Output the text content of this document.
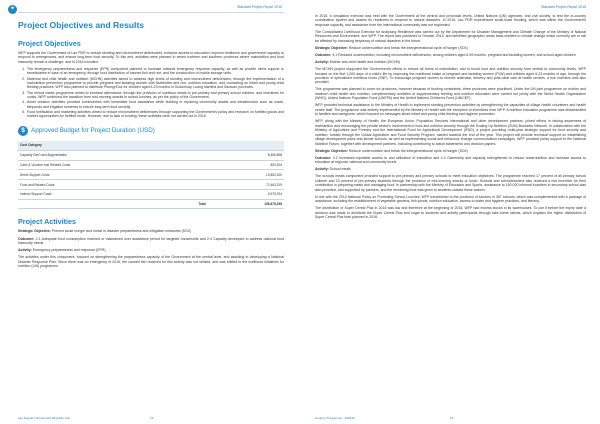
✦	Standard Project Report 2016
Project Objectives and Results
Project Objectives

WFP supports the Government of Lao PDR to reduce stunting and micronutrient deficiencies, enhance access to education, improve resilience and government capacity to respond to emergencies, and ensure long-term food security. To this end, activities were planned in seven northern and southern provinces where malnutrition and food insecurity remain a challenge, and in 2016 included:

1. The emergency preparedness and response (EPR) component planned to increase national emergency response capacity, as well as provide direct support to beneficiaries in case of an emergency, through food distribution of canned fish and rice, and the construction of mobile storage units.
2. Maternal and child health and nutrition (MCHN) activities aimed to address high levels of stunting and micronutrient deficiencies, through the implementation of a malnutrition prevention programme to provide pregnant and lactating women with Nutributter and rice, nutrition education, and counseling on infant and young child feeding practices. WFP also planned to distribute Plumpy'Doz for children aged 6-23 months in Oudomxay, Luang Namtha and Saravan provinces.
3. The school meals programme aimed to increase attendance, through the provision of nutritious meals to pre-primary and primary school children, and incentives for cooks. WFP continued the transition from mid-morning snacks to school lunches, as per the policy of the Government.
4. Asset creation activities provided communities with immediate food assistance while building or repairing community assets and infrastructure such as roads, fishponds and irrigation schemes to ensure long-term food security.
5. Food fortification and marketing activities aimed to reduce micronutrient deficiencies through supporting the Government's policy and research on fortified goods and market opportunities for fortified foods. However, due to lack of funding, these activities were not carried out in 2016.
$ Approved Budget for Project Duration (USD)
Cost Category	
Capacity Dev't and Augmentation	8,486,858
Cash & Voucher and Related Costs	893,304
Direct Support Costs	19,852,520
Food and Related Costs	72,463,319
Indirect Support Costs	6,979,294
Total	108,675,295
Project Activities

Strategic Objective: Prevent acute hunger and invest in disaster preparedness and mitigation measures (SO2)

Outcome: 2.1 Adequate food consumption reached or maintained over assistance period for targeted households and 2.4 Capacity developed to address national food insecurity needs

Activity: Emergency preparedness and response (EPR)

The activities under this component, focused on strengthening the preparedness capacity of the Government at the central level, and assisting in developing a National Disaster Response Plan. Since there was no emergency in 2016, the canned fish received for this activity was not utilised, and was shifted to the livelihood initiatives for nutrition (LIN) programme.

Lao People's Democratic Republic (LA)	14
Standard Project Report 2016

In 2016, a simulation exercise was held with the Government at the central and provincial levels, United Nations (UN) agencies, and civil society, to test the in-country coordination system and assess its readiness to respond to natural disasters. In 2016, Lao PDR experienced small-scale flooding, which was within the Government's response capacity, and assistance from the international community was not requested.

The Consolidated Livelihood Exercise for Analysing Resilience was carried out by the Department for Disaster Management and Climate Change of the Ministry of Natural Resources and Environment, and WFP. The report was published in October 2016, and identified geographic areas least-resilient to climate change which currently are or will be affected by increasing frequency of natural disasters in the future.

Strategic Objective: Reduce undernutrition and break the intergenerational cycle of hunger (SO4)

Outcome: 4.1 Reduced undernutrition, including micronutrient deficiencies, among children aged 6-59 months, pregnant and lactating women, and school-aged children

Activity: Mother and child health and nutrition (MCHN)

The MCHN project supported the Government's efforts to reduce all forms of malnutrition, and to boost food and nutrition security from central to community levels. WFP focused on the first 1,000 days of a child's life by improving the nutritional intake of pregnant and lactating women (PLW) and children aged 6-23 months of age, through the provision of specialised nutritious foods (SNF). To encourage pregnant women to receive antenatal, delivery and post-natal care at health centres, a rice incentive was also provided.

This programme was planned to cover six provinces, however because of funding constraints, three provinces were prioritised. Under the UN joint programme on mother and newborn child health and nutrition, complementary activities of supplementary feeding and nutrition education were carried out jointly with the World Health Organization (WHO), United Nations Population Fund (UNFPA) and the United Nations Children's Fund (UNICEF).

WFP provided technical assistance to the Ministry of Health to implement stunting prevention activities by strengthening the capacities of village health volunteers and health centre staff. The programme was entirely implemented by the Ministry of Health with the exception of incentives from WFP. A nutrition education programme was disseminated to families and caregivers, which focused on messages about infant and young child feeding and hygiene promotion.

WFP, along with the Ministry of Health, the European Union, Population Services International and other development partners, joined efforts in raising awareness of malnutrition and encouraging the private sector's involvement in food and nutrition security through the Scaling Up Nutrition (SUN) Business Network. In collaboration with the Ministry of Agriculture and Forestry and the International Fund for Agricultural Development (IFAD), a project providing multi-year strategic support for food security and nutrition, funded through the Global Agriculture and Food Security Program, started towards the end of the year. This project will provide technical support on establishing village development plans and farmer schools, as well as implementing social and behaviour change communication campaigns. WFP provided policy support to the National Nutrition Forum, together with development partners, including contributing to action statements and decision papers.

Strategic Objective: Reduce undernutrition and break the intergenerational cycle of hunger (SO4)

Outcome: 4.2 Increased equitable access to and utilization of education and 4.3 Ownership and capacity strengthened to reduce undernutrition and increase access to education at regional, national and community levels

Activity: School meals

The schools meals component provided support to pre-primary and primary schools to meet education objectives. The programme reached 17 percent of all primary school children and 10 percent of pre-primary students through the provision of mid-morning snacks or lunch. Schools and schoolteachers also received a rice incentive for their contribution in preparing meals and managing food. In partnership with the Ministry of Education and Sports, assistance to 160,000 informal boarders in secondary school was also provided, and supported by partners, and the remaining food was given to students outside these actions.

In line with the 2014 National Policy on Promoting School Lunches, WFP transitioned to the provision of lunches in 387 schools, which was complemented with a package of assistance, including the establishment of vegetable gardens, fish ponds, nutrition education, access to water and hygiene practices, and literacy.

The distribution of Super Cereal Plus in 2016 was low and therefore at the beginning of 2016, WFP had excess stocks in its warehouses. To use it before the expiry date a decision was made to distribute the Super Cereal Plus and sugar to students and activity participants through take-home rations, which explains the higher distribution of Super Cereal Plus than planned in 2016.

Country Programme - 200242	15
